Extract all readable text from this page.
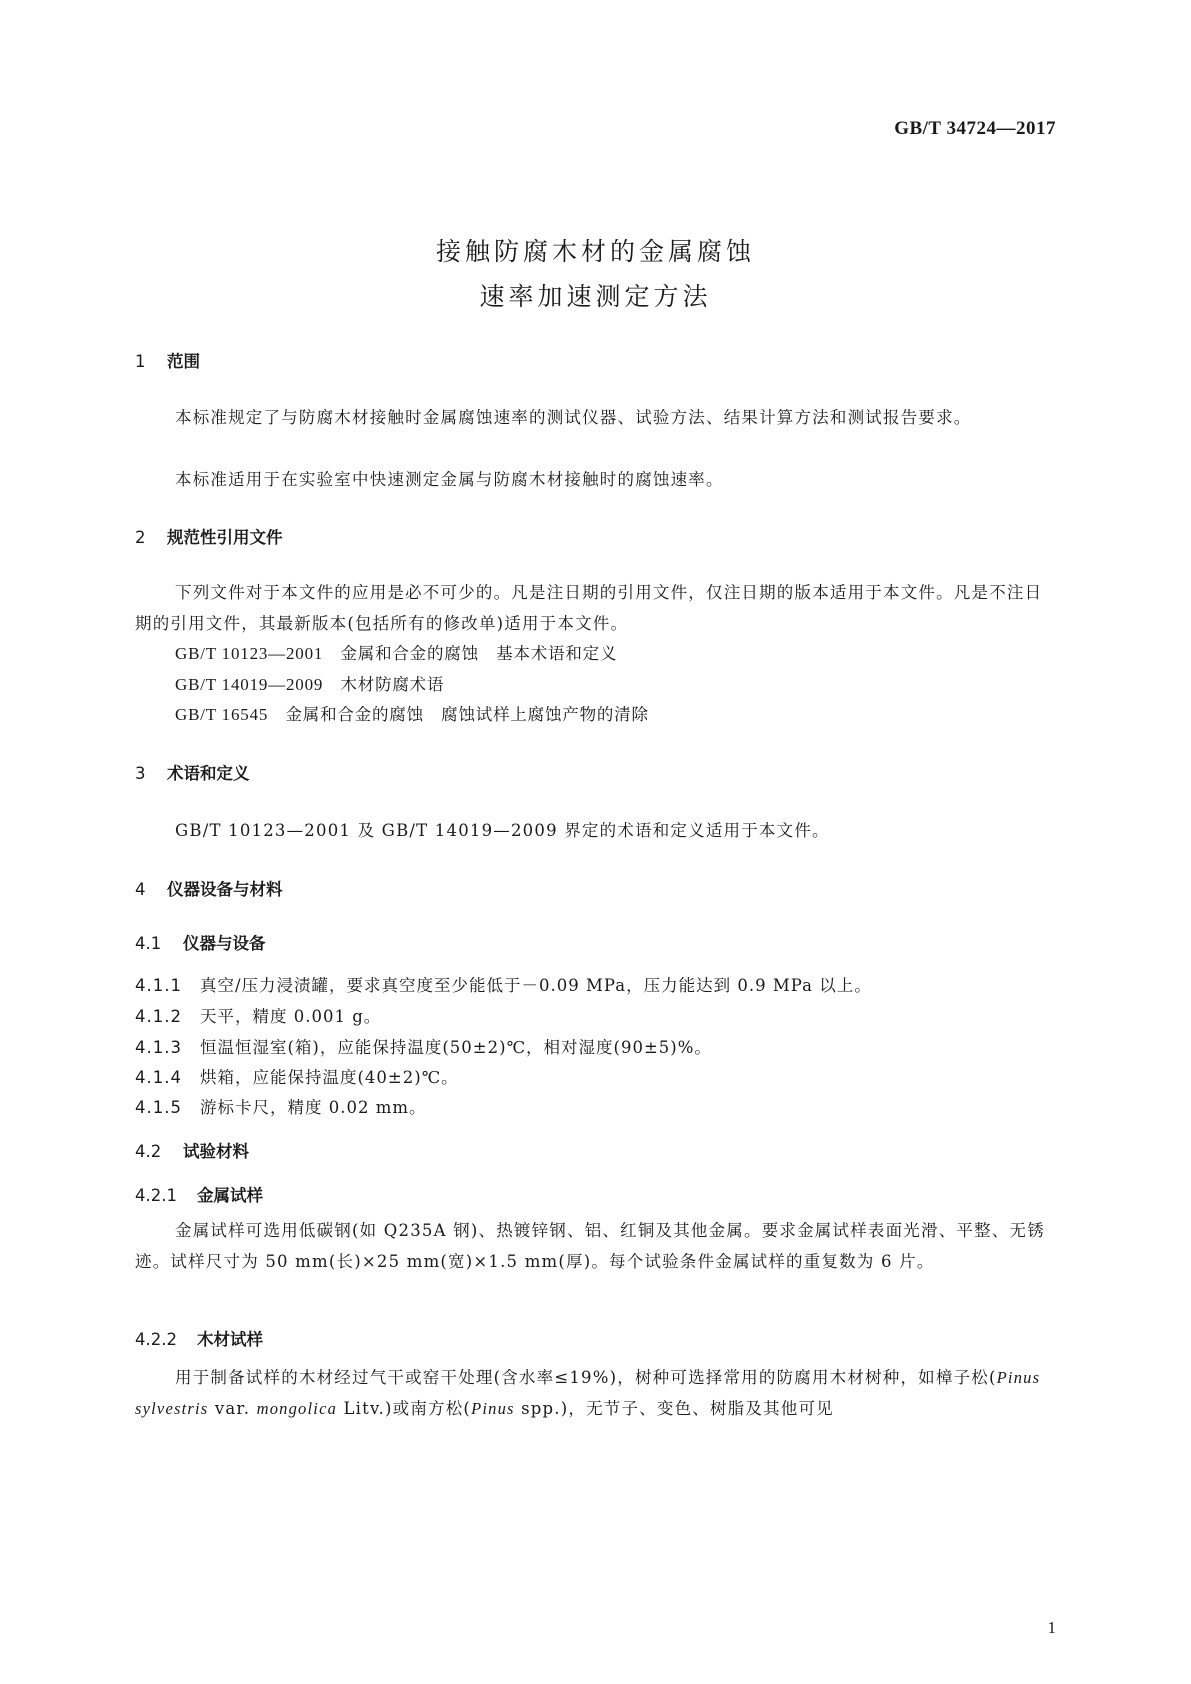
GB/T 34724—2017
接触防腐木材的金属腐蚀
速率加速测定方法
1 范围
本标准规定了与防腐木材接触时金属腐蚀速率的测试仪器、试验方法、结果计算方法和测试报告要求。
本标准适用于在实验室中快速测定金属与防腐木材接触时的腐蚀速率。
2 规范性引用文件
下列文件对于本文件的应用是必不可少的。凡是注日期的引用文件，仅注日期的版本适用于本文件。凡是不注日期的引用文件，其最新版本(包括所有的修改单)适用于本文件。
GB/T 10123—2001　 金属和合金的腐蚀　基本术语和定义
GB/T 14019—2009　 木材防腐术语
GB/T 16545　 金属和合金的腐蚀　腐蚀试样上腐蚀产物的清除
3 术语和定义
GB/T 10123—2001 及 GB/T 14019—2009 界定的术语和定义适用于本文件。
4 仪器设备与材料
4.1 仪器与设备
4.1.1 真空/压力浸渍罐，要求真空度至少能低于－0.09 MPa，压力能达到 0.9 MPa 以上。
4.1.2 天平，精度 0.001 g。
4.1.3 恒温恒湿室(箱)，应能保持温度(50±2)℃，相对湿度(90±5)%。
4.1.4 烘箱，应能保持温度(40±2)℃。
4.1.5 游标卡尺，精度 0.02 mm。
4.2 试验材料
4.2.1 金属试样
金属试样可选用低碳钢(如 Q235A 钢)、热镀锌钢、铝、红铜及其他金属。要求金属试样表面光滑、平整、无锈迹。试样尺寸为 50 mm(长)×25 mm(宽)×1.5 mm(厚)。每个试验条件金属试样的重复数为 6 片。
4.2.2 木材试样
用于制备试样的木材经过气干或窑干处理(含水率≤19%)，树种可选择常用的防腐用木材树种，如樟子松(Pinus sylvestris var. mongolica Litv.)或南方松(Pinus spp.)，无节子、变色、树脂及其他可见
1
